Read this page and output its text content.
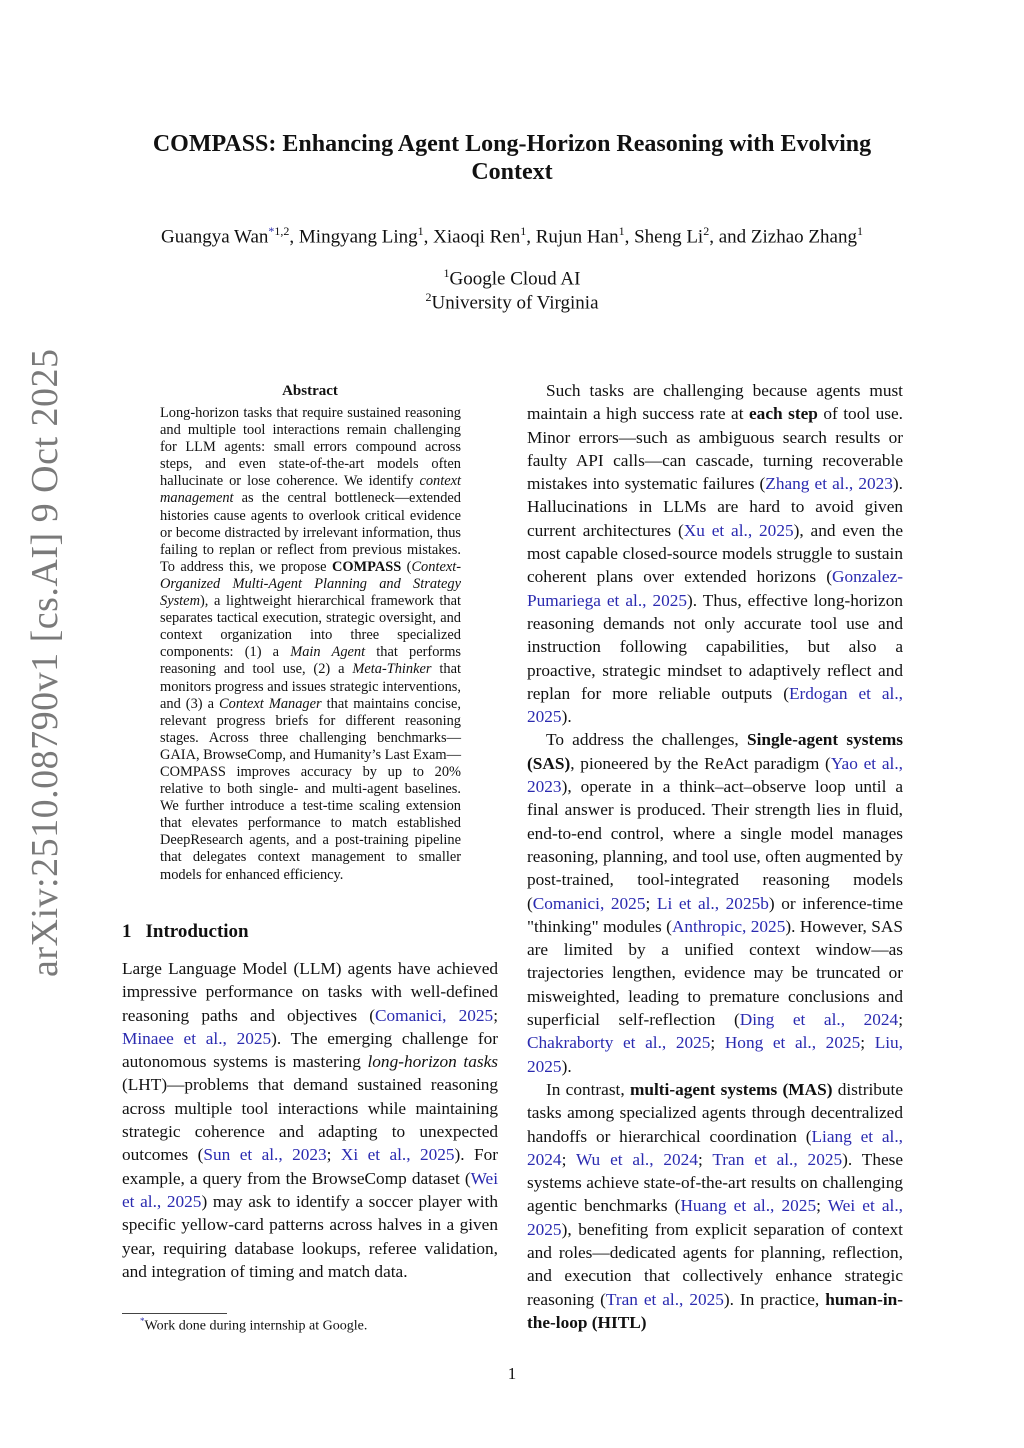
arXiv:2510.08790v1 [cs.AI] 9 Oct 2025
COMPASS: Enhancing Agent Long-Horizon Reasoning with Evolving Context
Guangya Wan$^{*1,2}$, Mingyang Ling$^1$, Xiaoqi Ren$^1$, Rujun Han$^1$, Sheng Li$^2$, and Zizhao Zhang$^1$
$^1$Google Cloud AI
$^2$University of Virginia
Abstract
Long-horizon tasks that require sustained reasoning and multiple tool interactions remain challenging for LLM agents: small errors compound across steps, and even state-of-the-art models often hallucinate or lose coherence. We identify context management as the central bottleneck—extended histories cause agents to overlook critical evidence or become distracted by irrelevant information, thus failing to replan or reflect from previous mistakes. To address this, we propose COMPASS (Context-Organized Multi-Agent Planning and Strategy System), a lightweight hierarchical framework that separates tactical execution, strategic oversight, and context organization into three specialized components: (1) a Main Agent that performs reasoning and tool use, (2) a Meta-Thinker that monitors progress and issues strategic interventions, and (3) a Context Manager that maintains concise, relevant progress briefs for different reasoning stages. Across three challenging benchmarks—GAIA, BrowseComp, and Humanity’s Last Exam—COMPASS improves accuracy by up to 20% relative to both single- and multi-agent baselines. We further introduce a test-time scaling extension that elevates performance to match established DeepResearch agents, and a post-training pipeline that delegates context management to smaller models for enhanced efficiency.
1 Introduction

Large Language Model (LLM) agents have achieved impressive performance on tasks with well-defined reasoning paths and objectives (Comanici, 2025; Minaee et al., 2025). The emerging challenge for autonomous systems is mastering long-horizon tasks (LHT)—problems that demand sustained reasoning across multiple tool interactions while maintaining strategic coherence and adapting to unexpected outcomes (Sun et al., 2023; Xi et al., 2025). For example, a query from the BrowseComp dataset (Wei et al., 2025) may ask to identify a soccer player with specific yellow-card patterns across halves in a given year, requiring database lookups, referee validation, and integration of timing and match data.

Such tasks are challenging because agents must maintain a high success rate at each step of tool use. Minor errors—such as ambiguous search results or faulty API calls—can cascade, turning recoverable mistakes into systematic failures (Zhang et al., 2023). Hallucinations in LLMs are hard to avoid given current architectures (Xu et al., 2025), and even the most capable closed-source models struggle to sustain coherent plans over extended horizons (Gonzalez-Pumariega et al., 2025). Thus, effective long-horizon reasoning demands not only accurate tool use and instruction following capabilities, but also a proactive, strategic mindset to adaptively reflect and replan for more reliable outputs (Erdogan et al., 2025).

To address the challenges, Single-agent systems (SAS), pioneered by the ReAct paradigm (Yao et al., 2023), operate in a think–act–observe loop until a final answer is produced. Their strength lies in fluid, end-to-end control, where a single model manages reasoning, planning, and tool use, often augmented by post-trained, tool-integrated reasoning models (Comanici, 2025; Li et al., 2025b) or inference-time "thinking" modules (Anthropic, 2025). However, SAS are limited by a unified context window—as trajectories lengthen, evidence may be truncated or misweighted, leading to premature conclusions and superficial self-reflection (Ding et al., 2024; Chakraborty et al., 2025; Hong et al., 2025; Liu, 2025).

In contrast, multi-agent systems (MAS) distribute tasks among specialized agents through decentralized handoffs or hierarchical coordination (Liang et al., 2024; Wu et al., 2024; Tran et al., 2025). These systems achieve state-of-the-art results on challenging agentic benchmarks (Huang et al., 2025; Wei et al., 2025), benefiting from explicit separation of context and roles—dedicated agents for planning, reflection, and execution that collectively enhance strategic reasoning (Tran et al., 2025). In practice, human-in-the-loop (HITL)

*Work done during internship at Google.
1
